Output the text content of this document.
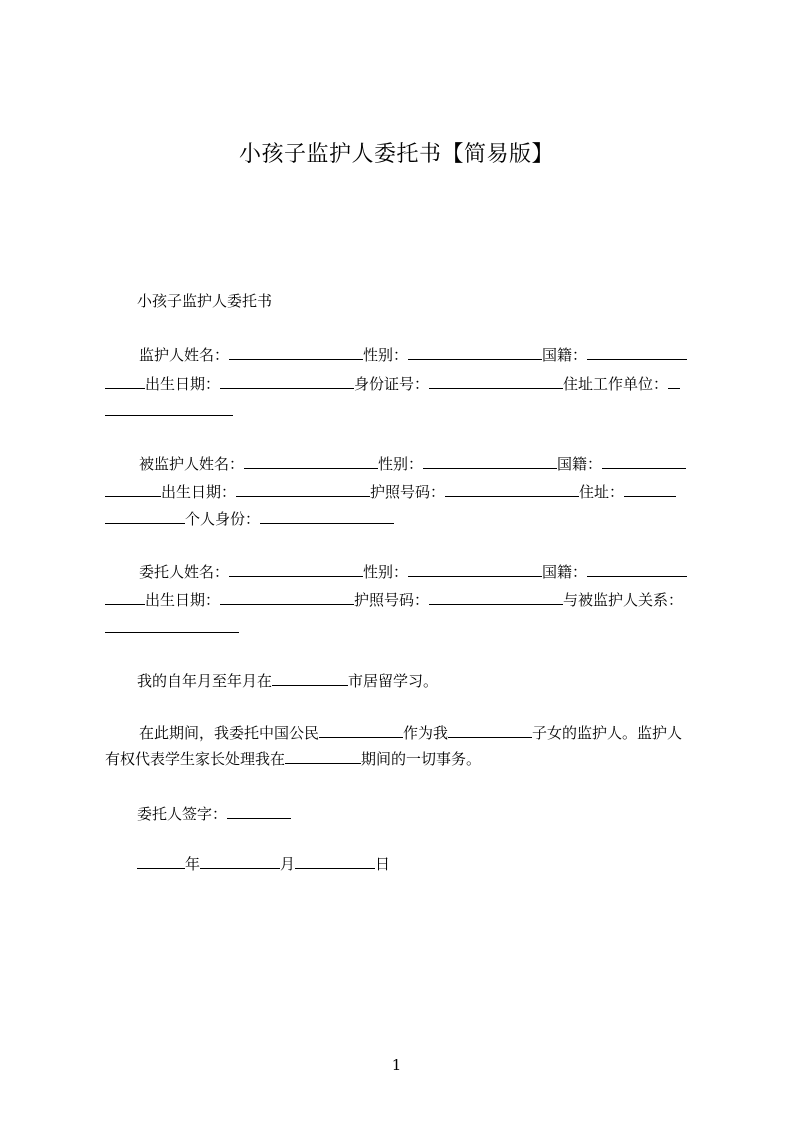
小孩子监护人委托书【简易版】
小孩子监护人委托书
监护人姓名：	性别：	国籍：
出生日期：	身份证号：	住址工作单位：
被监护人姓名：	性别：	国籍：
出生日期：	护照号码：	住址：
个人身份：
委托人姓名：	性别：	国籍：
出生日期：	护照号码：	与被监护人关系：
我的自年月至年月在	市居留学习。
在此期间，我委托中国公民	作为我	子女的监护人。监护人
有权代表学生家长处理我在	期间的一切事务。
委托人签字：
年	月	日
1
